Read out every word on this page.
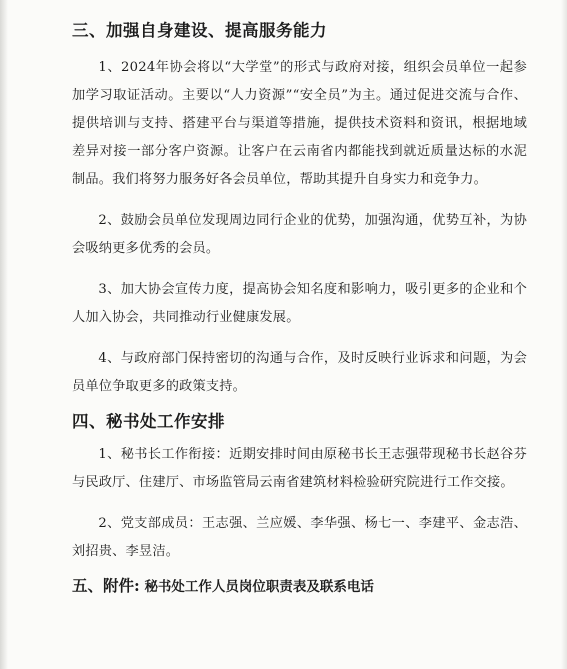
三、加强自身建设、提高服务能力

1、2024年协会将以“大学堂”的形式与政府对接，组织会员单位一起参加学习取证活动。主要以“人力资源”“安全员”为主。通过促进交流与合作、提供培训与支持、搭建平台与渠道等措施，提供技术资料和资讯，根据地域差异对接一部分客户资源。让客户在云南省内都能找到就近质量达标的水泥制品。我们将努力服务好各会员单位，帮助其提升自身实力和竞争力。

2、鼓励会员单位发现周边同行企业的优势，加强沟通，优势互补，为协会吸纳更多优秀的会员。

3、加大协会宣传力度，提高协会知名度和影响力，吸引更多的企业和个人加入协会，共同推动行业健康发展。

4、与政府部门保持密切的沟通与合作，及时反映行业诉求和问题，为会员单位争取更多的政策支持。

四、秘书处工作安排

1、秘书长工作衔接：近期安排时间由原秘书长王志强带现秘书长赵谷芬与民政厅、住建厅、市场监管局云南省建筑材料检验研究院进行工作交接。

2、党支部成员：王志强、兰应媛、李华强、杨七一、李建平、金志浩、刘招贵、李昱洁。

五、附件: 秘书处工作人员岗位职责表及联系电话
